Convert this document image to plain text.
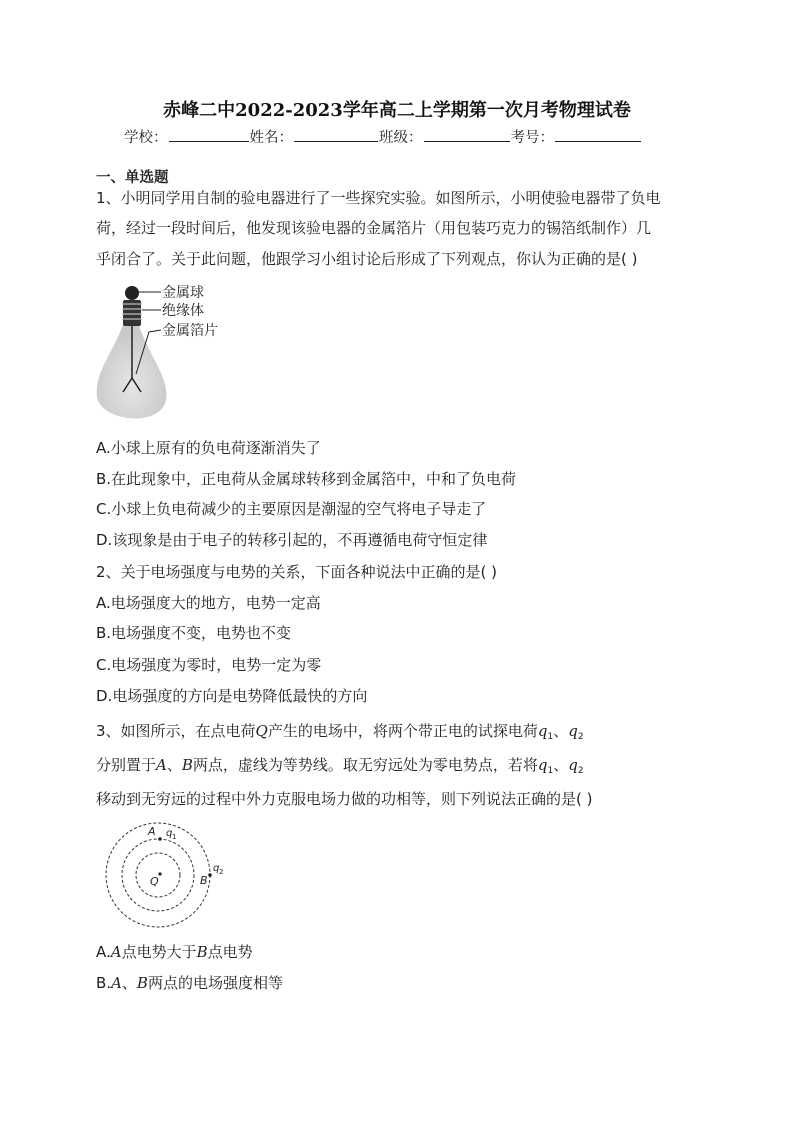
赤峰二中2022-2023学年高二上学期第一次月考物理试卷
学校：	姓名：	班级：	考号：
一、单选题
1、小明同学用自制的验电器进行了一些探究实验。如图所示，小明使验电器带了负电
荷，经过一段时间后，他发现该验电器的金属箔片（用包装巧克力的锡箔纸制作）几
乎闭合了。关于此问题，他跟学习小组讨论后形成了下列观点，你认为正确的是( )
金属球
绝缘体
金属箔片
A.小球上原有的负电荷逐渐消失了
B.在此现象中，正电荷从金属球转移到金属箔中，中和了负电荷
C.小球上负电荷减少的主要原因是潮湿的空气将电子导走了
D.该现象是由于电子的转移引起的，不再遵循电荷守恒定律
2、关于电场强度与电势的关系，下面各种说法中正确的是( )
A.电场强度大的地方，电势一定高
B.电场强度不变，电势也不变
C.电场强度为零时，电势一定为零
D.电场强度的方向是电势降低最快的方向
3、如图所示，在点电荷Q产生的电场中，将两个带正电的试探电荷$q_1$、$q_2$
分别置于A、B两点，虚线为等势线。取无穷远处为零电势点，若将$q_1$、$q_2$
移动到无穷远的过程中外力克服电场力做的功相等，则下列说法正确的是( )
A q 1
Q	B
q 2
A.A点电势大于B点电势
B.A、B两点的电场强度相等
